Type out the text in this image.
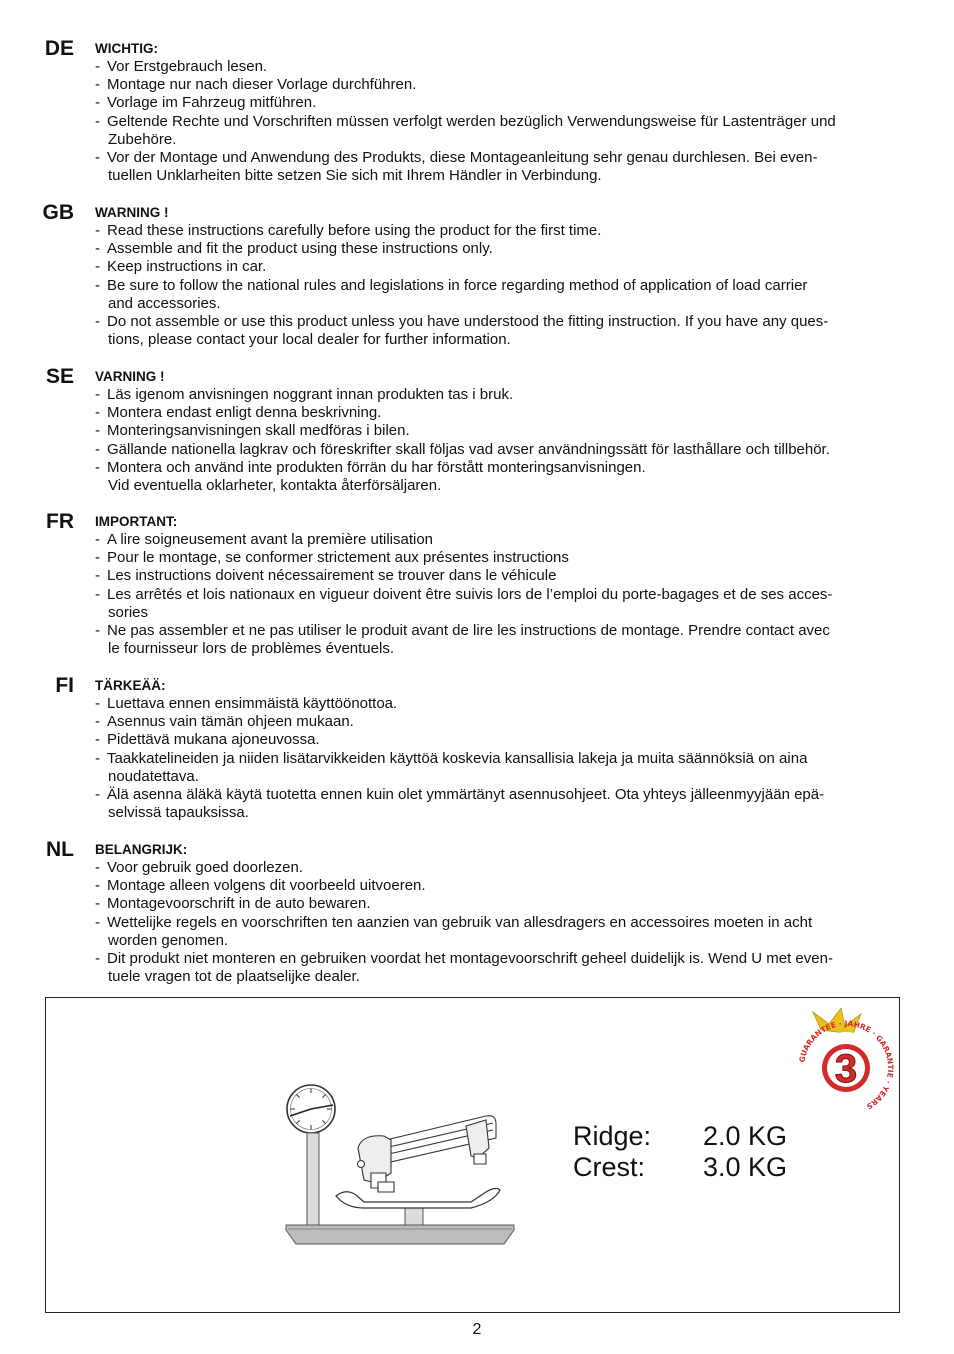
DE WICHTIG:
- Vor Erstgebrauch lesen.
- Montage nur nach dieser Vorlage durchführen.
- Vorlage im Fahrzeug mitführen.
- Geltende Rechte und Vorschriften müssen verfolgt werden bezüglich Verwendungsweise für Lastenträger und
Zubehöre.
- Vor der Montage und Anwendung des Produkts, diese Montageanleitung sehr genau durchlesen. Bei even-
tuellen Unklarheiten bitte setzen Sie sich mit Ihrem Händler in Verbindung.
GB WARNING !
- Read these instructions carefully before using the product for the first time.
- Assemble and fit the product using these instructions only.
- Keep instructions in car.
- Be sure to follow the national rules and legislations in force regarding method of application of load carrier
and accessories.
- Do not assemble or use this product unless you have understood the fitting instruction. If you have any ques-
tions, please contact your local dealer for further information.
SE VARNING !
- Läs igenom anvisningen noggrant innan produkten tas i bruk.
- Montera endast enligt denna beskrivning.
- Monteringsanvisningen skall medföras i bilen.
- Gällande nationella lagkrav och föreskrifter skall följas vad avser användningssätt för lasthållare och tillbehör.
- Montera och använd inte produkten förrän du har förstått monteringsanvisningen.
Vid eventuella oklarheter, kontakta återförsäljaren.
FR IMPORTANT:
- A lire soigneusement avant la première utilisation
- Pour le montage, se conformer strictement aux présentes instructions
- Les instructions doivent nécessairement se trouver dans le véhicule
- Les arrêtés et lois nationaux en vigueur doivent être suivis lors de l’emploi du porte-bagages et de ses acces-
sories
- Ne pas assembler et ne pas utiliser le produit avant de lire les instructions de montage. Prendre contact avec
le fournisseur lors de problèmes éventuels.
FI TÄRKEÄÄ:
- Luettava ennen ensimmäistä käyttöönottoa.
- Asennus vain tämän ohjeen mukaan.
- Pidettävä mukana ajoneuvossa.
- Taakkatelineiden ja niiden lisätarvikkeiden käyttöä koskevia kansallisia lakeja ja muita säännöksiä on aina
noudatettava.
- Älä asenna äläkä käytä tuotetta ennen kuin olet ymmärtänyt asennusohjeet. Ota yhteys jälleenmyyjään epä-
selvissä tapauksissa.
NL BELANGRIJK:
- Voor gebruik goed doorlezen.
- Montage alleen volgens dit voorbeeld uitvoeren.
- Montagevoorschrift in de auto bewaren.
- Wettelijke regels en voorschriften ten aanzien van gebruik van allesdragers en accessoires moeten in acht
worden genomen.
- Dit produkt niet monteren en gebruiken voordat het montagevoorschrift geheel duidelijk is. Wend U met even-
tuele vragen tot de plaatselijke dealer.
Ridge:	2.0 KG
Crest:	3.0 KG
3
GUARANTEE · JAHRE · GARANTIE · YEARS
2
